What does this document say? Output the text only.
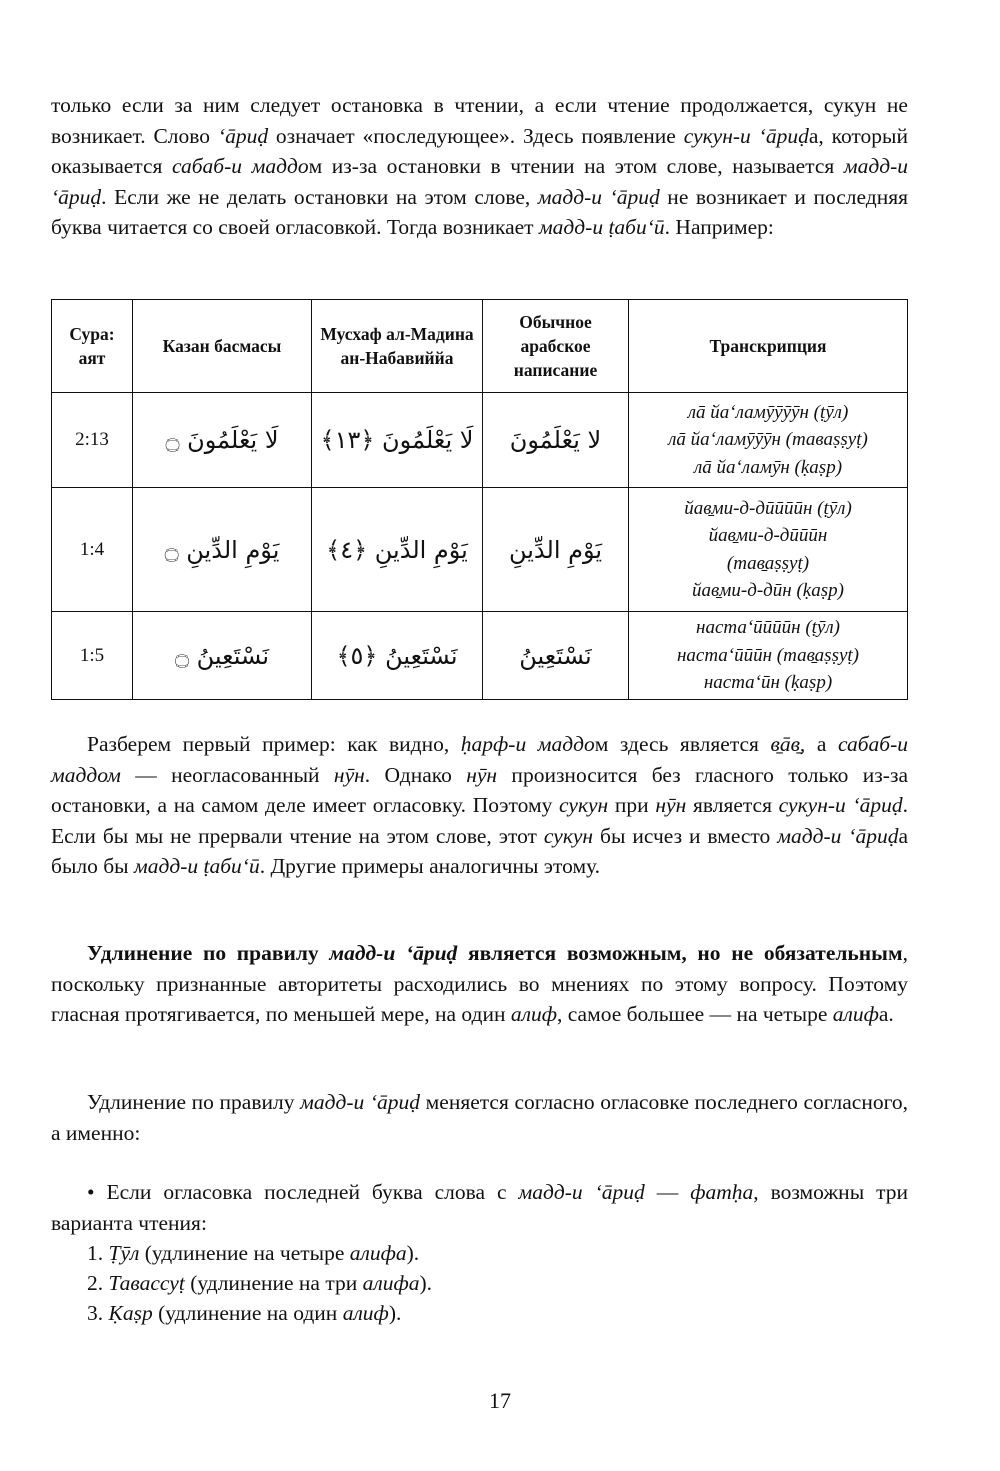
только если за ним следует остановка в чтении, а если чтение продолжается, сукун не возникает. Слово ‘āриḍ означает «последующее». Здесь появление сукун-и ‘āриḍа, который оказывается сабаб-и маддом из-за остановки в чтении на этом слове, называется мадд-и ‘āриḍ. Если же не делать остановки на этом слове, мадд-и ‘āриḍ не возникает и последняя буква читается со своей огласовкой. Тогда возникает мадд-и ṭаби‘ӣ. Например:
Сура: аят	Казан басмасы	Мусхаф ал-Мадина ан-Набавиййа	Обычное арабское написание	Транскрипция
2:13	لَا يَعْلَمُونَ ۝	لَا يَعْلَمُونَ ﴿١٣﴾	لا يَعْلَمُونَ	лā йа‘ламӯӯӯӯн (ṭӯл)
лā йа‘ламӯӯӯн (таваṣṣуṭ)
лā йа‘ламӯн (ḳаṣр)

1:4	يَوْمِ الدِّينِ ۝	يَوْمِ الدِّينِ ﴿٤﴾	يَوْمِ الدِّينِ	йав̱ми-д-дӣӣӣӣн (ṭӯл)
йав̱ми-д-дӣӣӣн
(тав̱аṣṣуṭ)
йав̱ми-д-дӣн (ḳаṣр)

1:5	نَسْتَعِينُ ۝	نَسْتَعِينُ ﴿٥﴾	نَسْتَعِينُ	наста‘ӣӣӣӣн (ṭӯл)
наста‘ӣӣӣн (тав̱аṣṣуṭ)
наста‘ӣн (ḳаṣр)
Разберем первый пример: как видно, ḥарф-и маддом здесь является в̱āв̱, а сабаб-и маддом — неогласованный нӯн. Однако нӯн произносится без гласного только из-за остановки, а на самом деле имеет огласовку. Поэтому сукун при нӯн является сукун-и ‘āриḍ. Если бы мы не прервали чтение на этом слове, этот сукун бы исчез и вместо мадд-и ‘āриḍа было бы мадд-и ṭаби‘ӣ. Другие примеры аналогичны этому.
Удлинение по правилу мадд-и ‘āриḍ является возможным, но не обязательным, поскольку признанные авторитеты расходились во мнениях по этому вопросу. Поэтому гласная протягивается, по меньшей мере, на один алиф, самое большее — на четыре алифа.
Удлинение по правилу мадд-и ‘āриḍ меняется согласно огласовке последнего согласного, а именно:
• Если огласовка последней буква слова с мадд-и ‘āриḍ — фатḥа, возможны три варианта чтения:
1. Ṭӯл (удлинение на четыре алифа).
2. Тавассуṭ (удлинение на три алифа).
3. Ḳаṣр (удлинение на один алиф).
17
